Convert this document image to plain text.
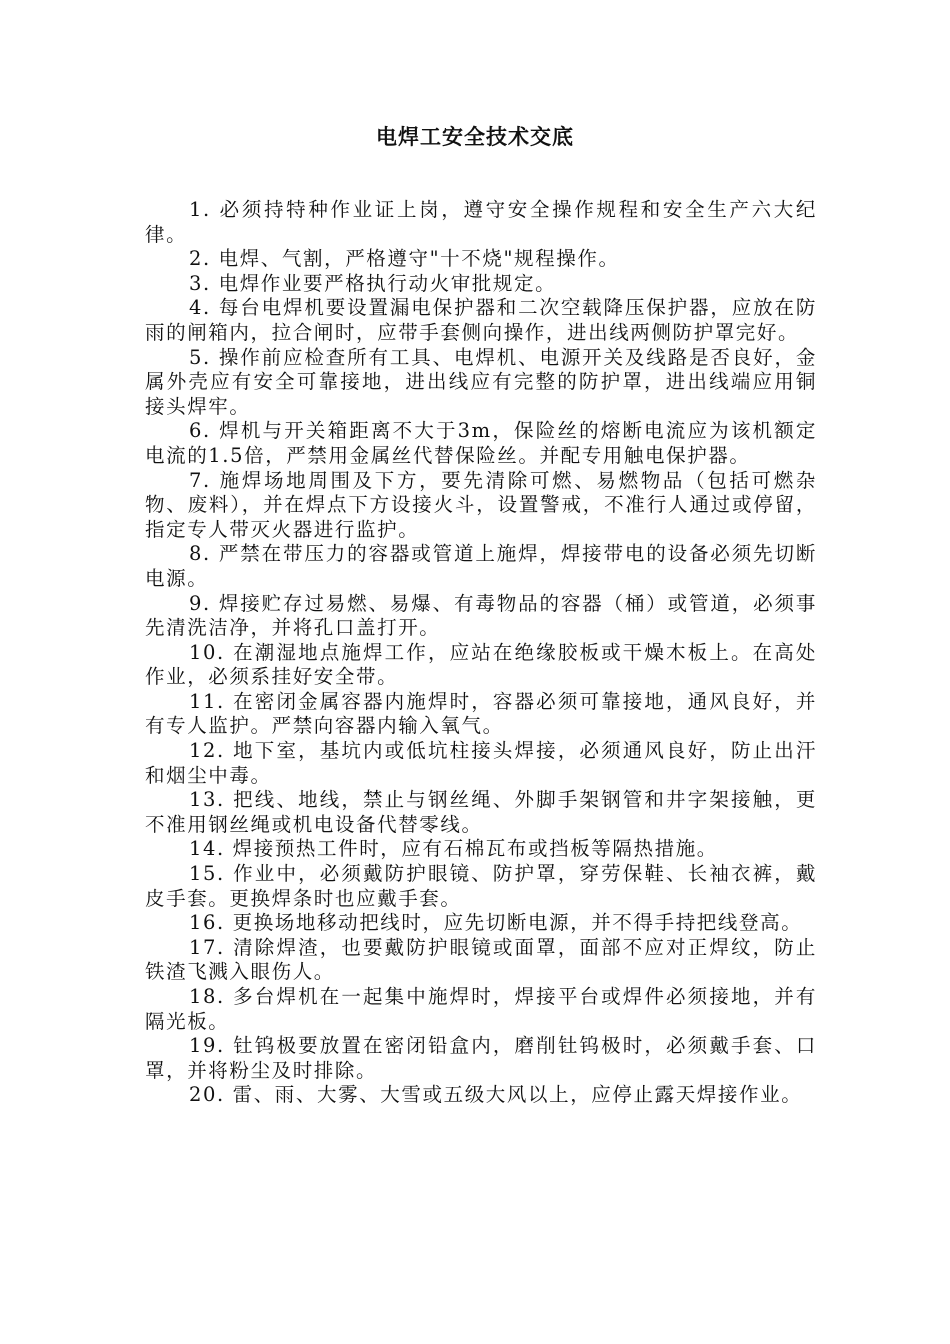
电焊工安全技术交底

1. 必须持特种作业证上岗，遵守安全操作规程和安全生产六大纪律。

2. 电焊、气割，严格遵守"十不烧"规程操作。

3. 电焊作业要严格执行动火审批规定。

4. 每台电焊机要设置漏电保护器和二次空载降压保护器，应放在防雨的闸箱内，拉合闸时，应带手套侧向操作，进出线两侧防护罩完好。

5. 操作前应检查所有工具、电焊机、电源开关及线路是否良好，金属外壳应有安全可靠接地，进出线应有完整的防护罩，进出线端应用铜接头焊牢。

6. 焊机与开关箱距离不大于3m，保险丝的熔断电流应为该机额定电流的1.5倍，严禁用金属丝代替保险丝。并配专用触电保护器。

7. 施焊场地周围及下方，要先清除可燃、易燃物品（包括可燃杂物、废料），并在焊点下方设接火斗，设置警戒，不准行人通过或停留，指定专人带灭火器进行监护。

8. 严禁在带压力的容器或管道上施焊，焊接带电的设备必须先切断电源。

9. 焊接贮存过易燃、易爆、有毒物品的容器（桶）或管道，必须事先清洗洁净，并将孔口盖打开。

10. 在潮湿地点施焊工作，应站在绝缘胶板或干燥木板上。在高处作业，必须系挂好安全带。

11. 在密闭金属容器内施焊时，容器必须可靠接地，通风良好，并有专人监护。严禁向容器内输入氧气。

12. 地下室，基坑内或低坑柱接头焊接，必须通风良好，防止出汗和烟尘中毒。

13. 把线、地线，禁止与钢丝绳、外脚手架钢管和井字架接触，更不准用钢丝绳或机电设备代替零线。

14. 焊接预热工件时，应有石棉瓦布或挡板等隔热措施。

15. 作业中，必须戴防护眼镜、防护罩，穿劳保鞋、长袖衣裤，戴皮手套。更换焊条时也应戴手套。

16. 更换场地移动把线时，应先切断电源，并不得手持把线登高。

17. 清除焊渣，也要戴防护眼镜或面罩，面部不应对正焊纹，防止铁渣飞溅入眼伤人。

18. 多台焊机在一起集中施焊时，焊接平台或焊件必须接地，并有隔光板。

19. 钍钨极要放置在密闭铅盒内，磨削钍钨极时，必须戴手套、口罩，并将粉尘及时排除。

20. 雷、雨、大雾、大雪或五级大风以上，应停止露天焊接作业。
